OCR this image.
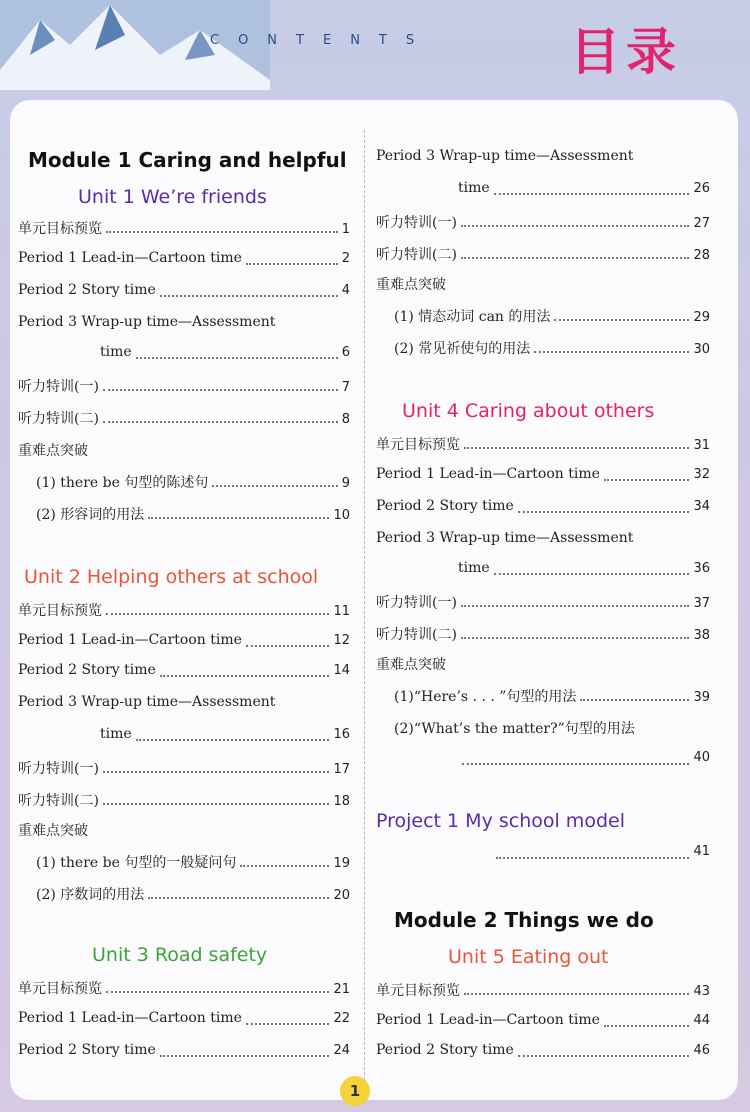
CONTENTS	目录
Module 1 Caring and helpful
Unit 1 We’re friends
单元目标预览	1
Period 1 Lead-in—Cartoon time	2
Period 2 Story time	4
Period 3 Wrap-up time—Assessment
time	6
听力特训(一)	7
听力特训(二)	8
重难点突破
(1) there be 句型的陈述句	9
(2) 形容词的用法	10
Unit 2 Helping others at school
单元目标预览	11
Period 1 Lead-in—Cartoon time	12
Period 2 Story time	14
Period 3 Wrap-up time—Assessment
time	16
听力特训(一)	17
听力特训(二)	18
重难点突破
(1) there be 句型的一般疑问句	19
(2) 序数词的用法	20
Unit 3 Road safety
单元目标预览	21
Period 1 Lead-in—Cartoon time	22
Period 2 Story time	24
Period 3 Wrap-up time—Assessment
time	26
听力特训(一)	27
听力特训(二)	28
重难点突破
(1) 情态动词 can 的用法	29
(2) 常见祈使句的用法	30
Unit 4 Caring about others
单元目标预览	31
Period 1 Lead-in—Cartoon time	32
Period 2 Story time	34
Period 3 Wrap-up time—Assessment
time	36
听力特训(一)	37
听力特训(二)	38
重难点突破
(1)“Here’s . . . ”句型的用法	39
(2)“What’s the matter?”句型的用法
40
Project 1 My school model
41
Module 2 Things we do
Unit 5 Eating out
单元目标预览	43
Period 1 Lead-in—Cartoon time	44
Period 2 Story time	46
1
